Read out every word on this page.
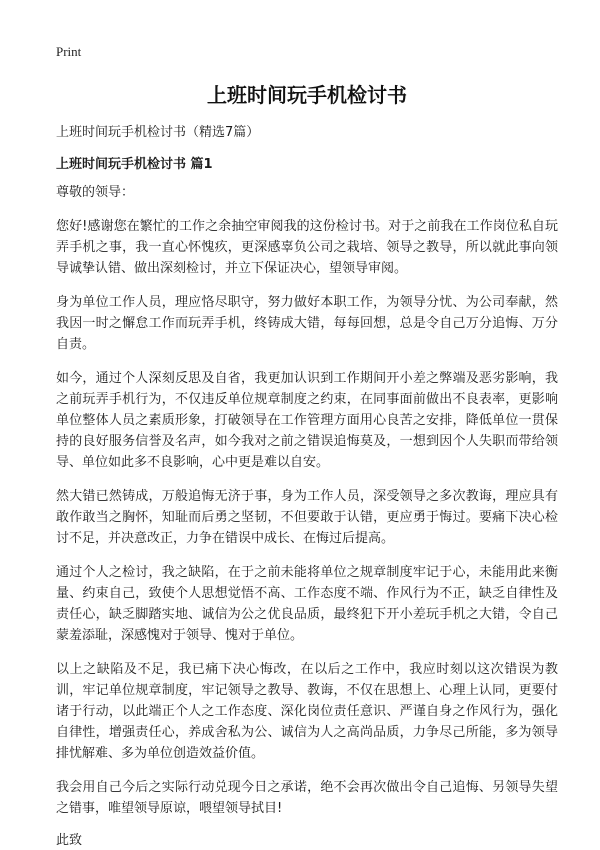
Print
上班时间玩手机检讨书
上班时间玩手机检讨书（精选7篇）
上班时间玩手机检讨书 篇1
尊敬的领导：

您好!感谢您在繁忙的工作之余抽空审阅我的这份检讨书。对于之前我在工作岗位私自玩弄手机之事，我一直心怀愧疚，更深感辜负公司之栽培、领导之教导，所以就此事向领导诚挚认错、做出深刻检讨，并立下保证决心，望领导审阅。

身为单位工作人员，理应恪尽职守，努力做好本职工作，为领导分忧、为公司奉献，然我因一时之懈怠工作而玩弄手机，终铸成大错，每每回想，总是令自己万分追悔、万分自责。

如今，通过个人深刻反思及自省，我更加认识到工作期间开小差之弊端及恶劣影响，我之前玩弄手机行为，不仅违反单位规章制度之约束，在同事面前做出不良表率，更影响单位整体人员之素质形象，打破领导在工作管理方面用心良苦之安排，降低单位一贯保持的良好服务信誉及名声，如今我对之前之错误追悔莫及，一想到因个人失职而带给领导、单位如此多不良影响，心中更是难以自安。

然大错已然铸成，万般追悔无济于事，身为工作人员，深受领导之多次教诲，理应具有敢作敢当之胸怀，知耻而后勇之坚韧，不但要敢于认错，更应勇于悔过。要痛下决心检讨不足，并决意改正，力争在错误中成长、在悔过后提高。

通过个人之检讨，我之缺陷，在于之前未能将单位之规章制度牢记于心，未能用此来衡量、约束自己，致使个人思想觉悟不高、工作态度不端、作风行为不正，缺乏自律性及责任心，缺乏脚踏实地、诚信为公之优良品质，最终犯下开小差玩手机之大错，令自己蒙羞添耻，深感愧对于领导、愧对于单位。

以上之缺陷及不足，我已痛下决心悔改，在以后之工作中，我应时刻以这次错误为教训，牢记单位规章制度，牢记领导之教导、教诲，不仅在思想上、心理上认同，更要付诸于行动，以此端正个人之工作态度、深化岗位责任意识、严谨自身之作风行为，强化自律性，增强责任心，养成舍私为公、诚信为人之高尚品质，力争尽己所能，多为领导排忧解难、多为单位创造效益价值。

我会用自己今后之实际行动兑现今日之承诺，绝不会再次做出令自己追悔、另领导失望之错事，唯望领导原谅，喂望领导拭目!

此致
